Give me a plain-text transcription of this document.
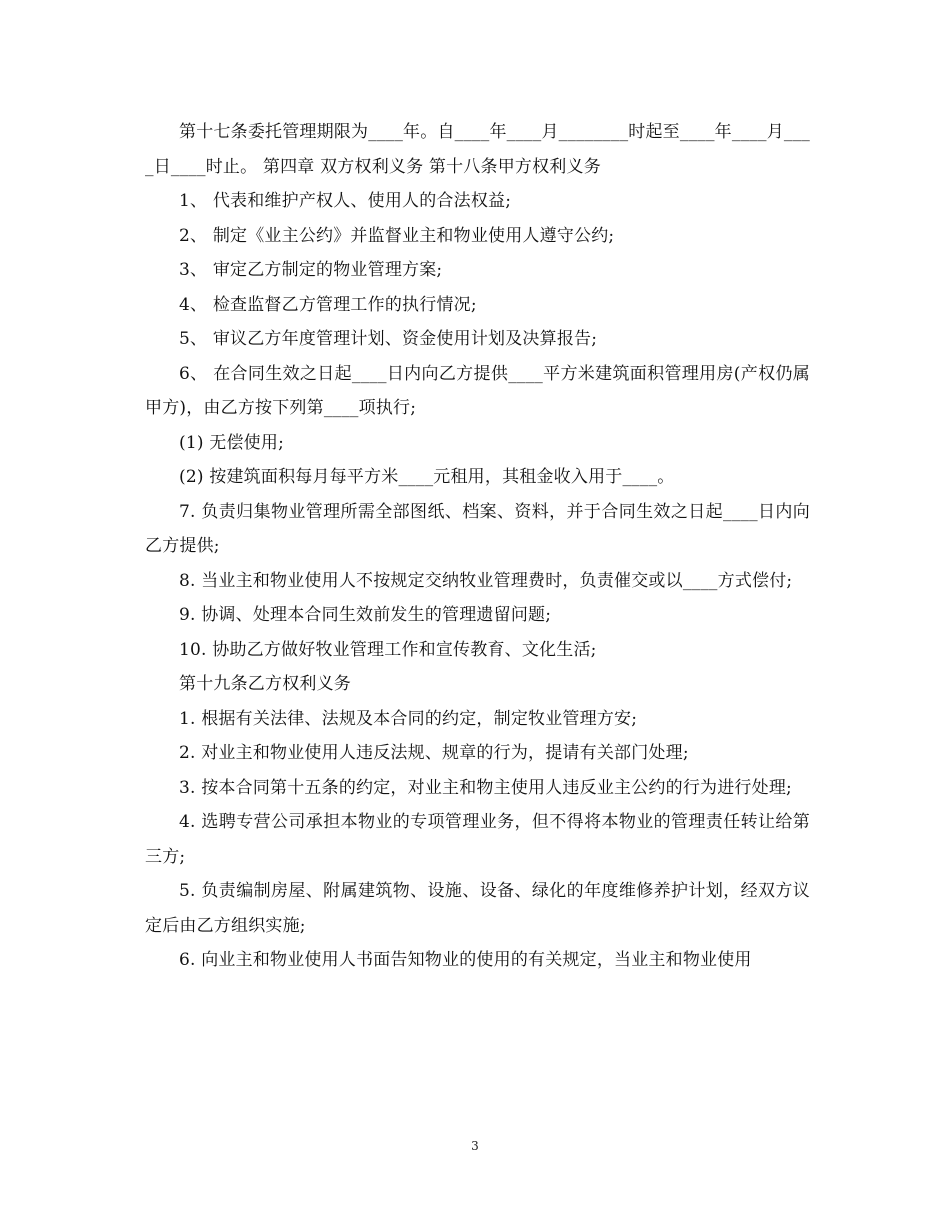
第十七条委托管理期限为____年。自____年____月________时起至____年____月____日____时止。 第四章 双方权利义务 第十八条甲方权利义务

1、 代表和维护产权人、使用人的合法权益;

2、 制定《业主公约》并监督业主和物业使用人遵守公约;

3、 审定乙方制定的物业管理方案;

4、 检查监督乙方管理工作的执行情况;

5、 审议乙方年度管理计划、资金使用计划及决算报告;

6、 在合同生效之日起____日内向乙方提供____平方米建筑面积管理用房(产权仍属甲方)，由乙方按下列第____项执行;

(1) 无偿使用;

(2) 按建筑面积每月每平方米____元租用，其租金收入用于____。

7. 负责归集物业管理所需全部图纸、档案、资料，并于合同生效之日起____日内向乙方提供;

8. 当业主和物业使用人不按规定交纳牧业管理费时，负责催交或以____方式偿付;

9. 协调、处理本合同生效前发生的管理遗留问题;

10. 协助乙方做好牧业管理工作和宣传教育、文化生活;

第十九条乙方权利义务

1. 根据有关法律、法规及本合同的约定，制定牧业管理方安;

2. 对业主和物业使用人违反法规、规章的行为，提请有关部门处理;

3. 按本合同第十五条的约定，对业主和物主使用人违反业主公约的行为进行处理;

4. 选聘专营公司承担本物业的专项管理业务，但不得将本物业的管理责任转让给第三方;

5. 负责编制房屋、附属建筑物、设施、设备、绿化的年度维修养护计划，经双方议定后由乙方组织实施;

6. 向业主和物业使用人书面告知物业的使用的有关规定，当业主和物业使用

3
